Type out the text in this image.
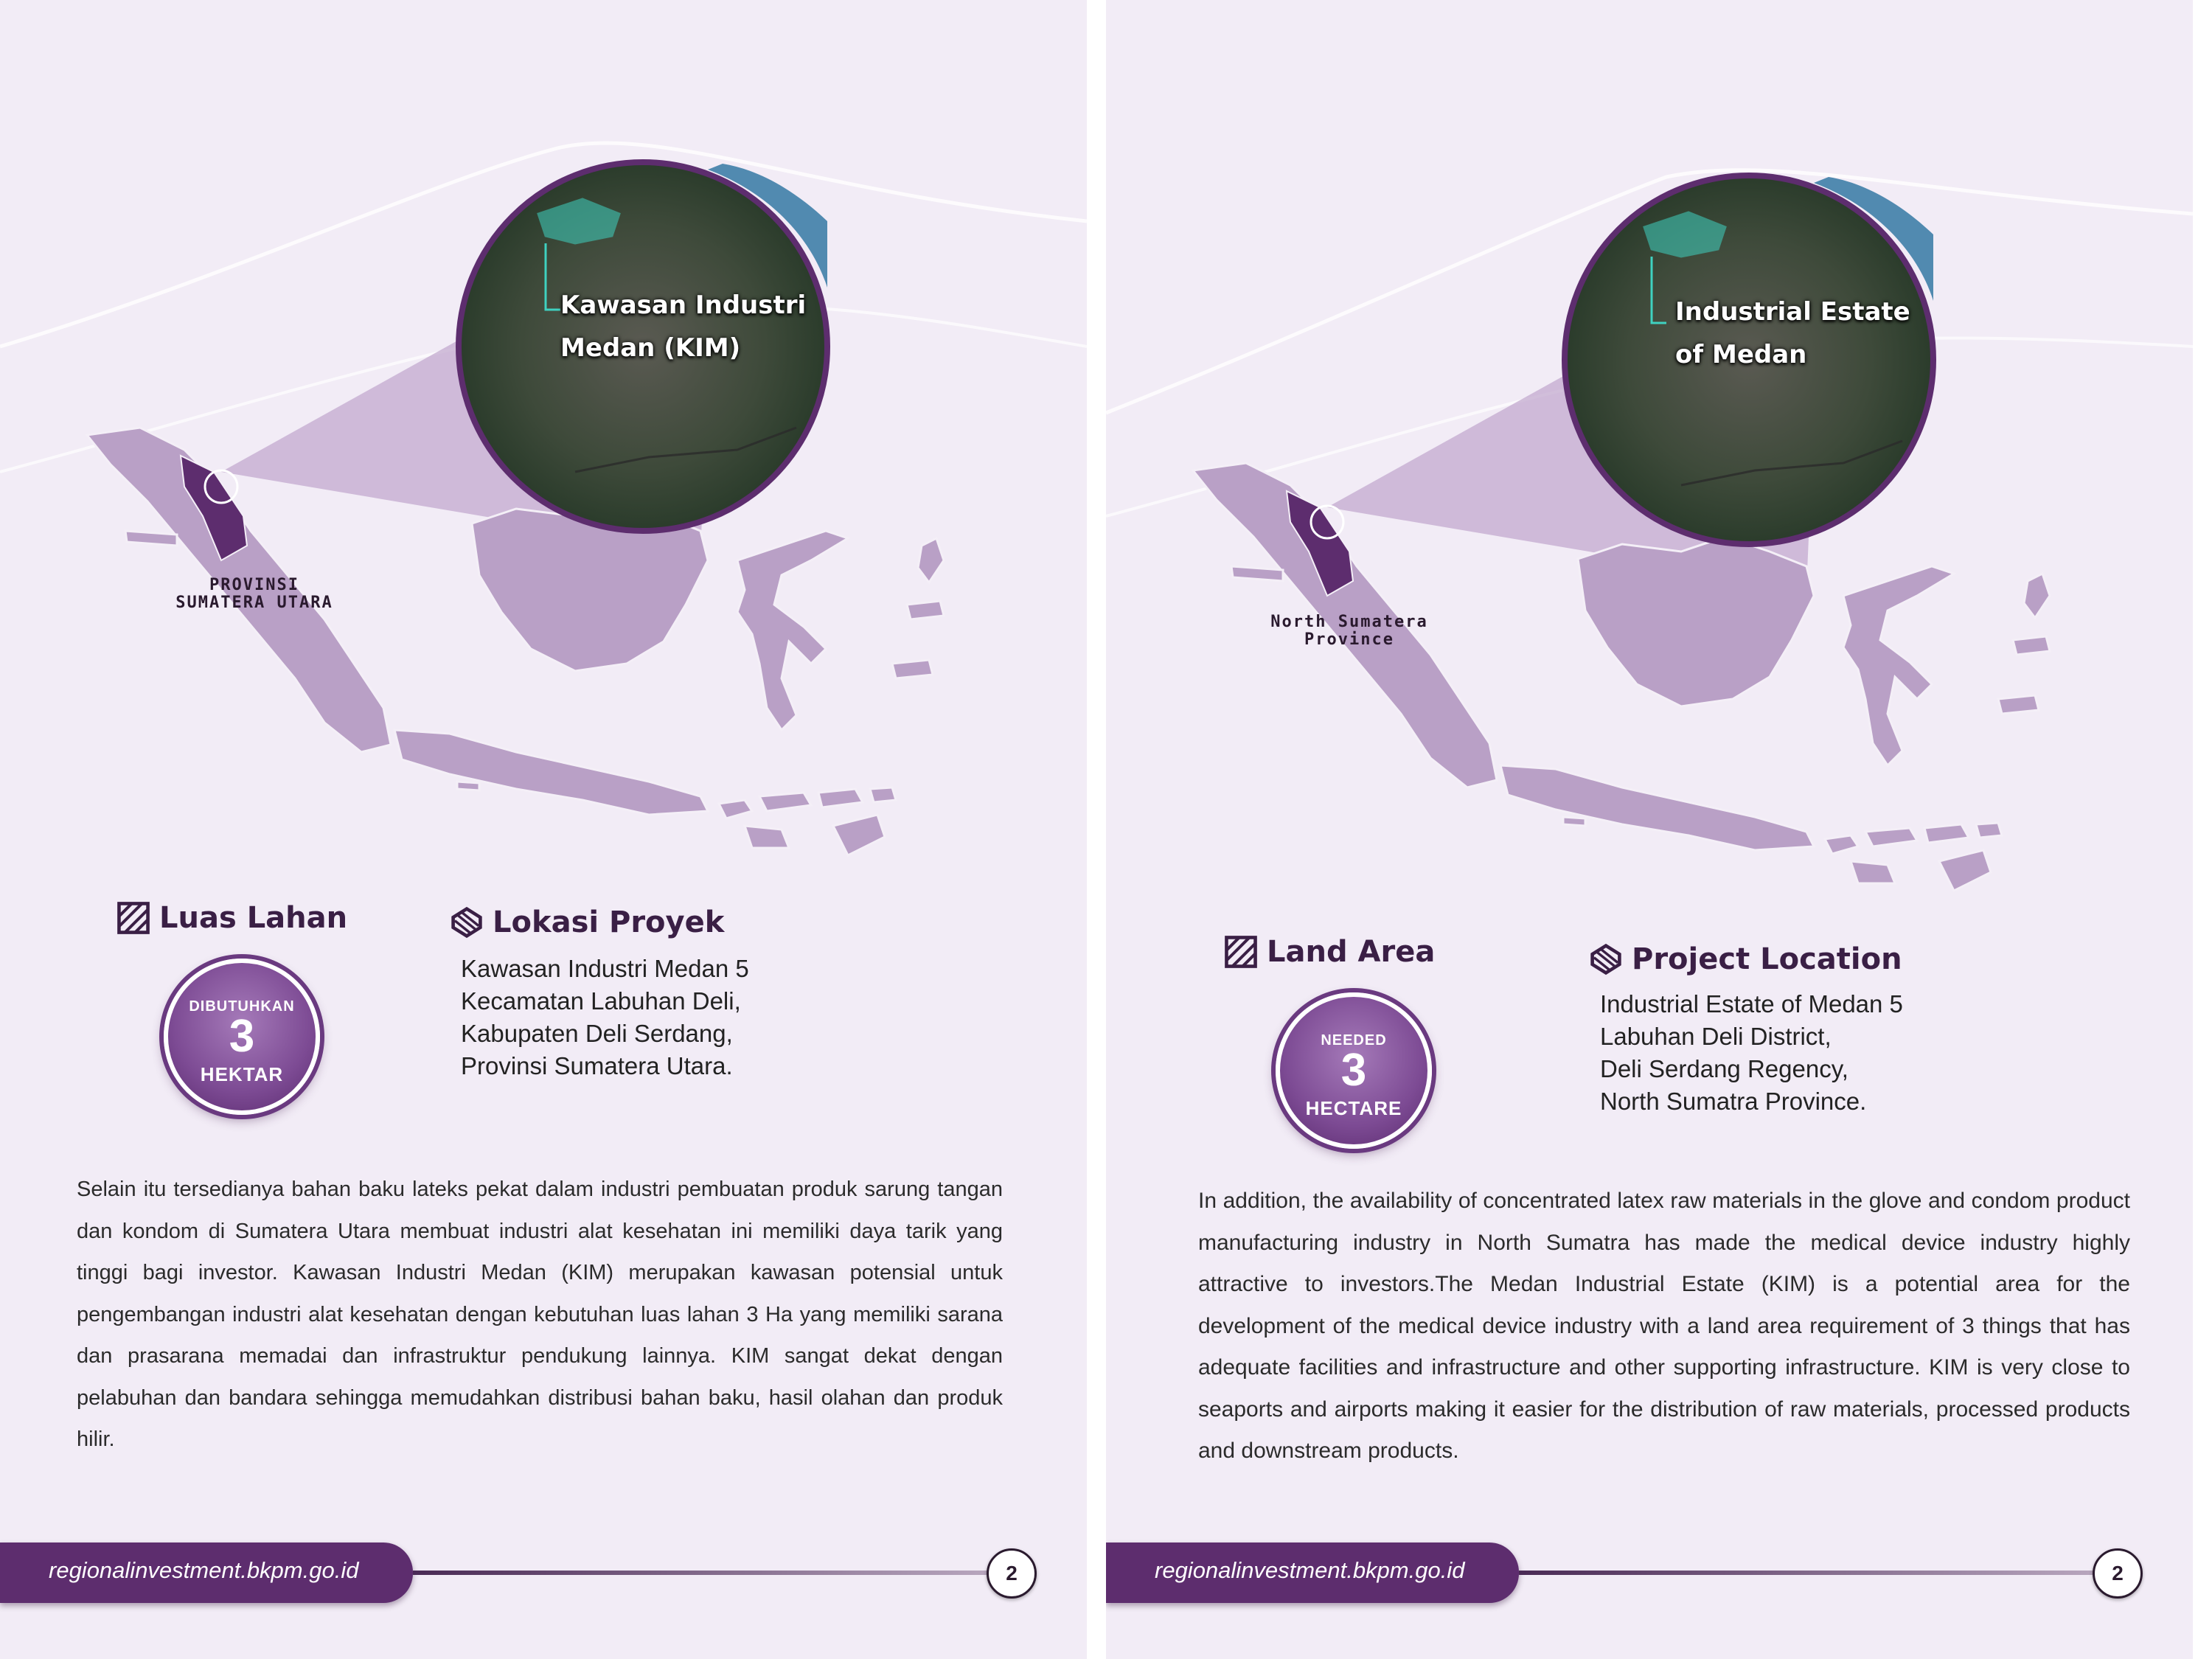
Kawasan Industri
Medan (KIM)
PROVINSI
SUMATERA UTARA
Luas Lahan
DIBUTUHKAN
3
HEKTAR
Lokasi Proyek
Kawasan Industri Medan 5
Kecamatan Labuhan Deli,
Kabupaten Deli Serdang,
Provinsi Sumatera Utara.
Selain itu tersedianya bahan baku lateks pekat dalam industri pembuatan produk sarung tangan dan kondom di Sumatera Utara membuat industri alat kesehatan ini memiliki daya tarik yang tinggi bagi investor. Kawasan Industri Medan (KIM) merupakan kawasan potensial untuk pengembangan industri alat kesehatan dengan kebutuhan luas lahan 3 Ha yang memiliki sarana dan prasarana memadai dan infrastruktur pendukung lainnya. KIM sangat dekat dengan pelabuhan dan bandara sehingga memudahkan distribusi bahan baku, hasil olahan dan produk hilir.
regionalinvestment.bkpm.go.id	2
Industrial Estate
of Medan
North Sumatera
Province
Land Area
NEEDED
3
HECTARE
Project Location
Industrial Estate of Medan 5
Labuhan Deli District,
Deli Serdang Regency,
North Sumatra Province.
In addition, the availability of concentrated latex raw materials in the glove and condom product manufacturing industry in North Sumatra has made the medical device industry highly attractive to investors.The Medan Industrial Estate (KIM) is a potential area for the development of the medical device industry with a land area requirement of 3 things that has adequate facilities and infrastructure and other supporting infrastructure. KIM is very close to seaports and airports making it easier for the distribution of raw materials, processed products and downstream products.
regionalinvestment.bkpm.go.id	2
